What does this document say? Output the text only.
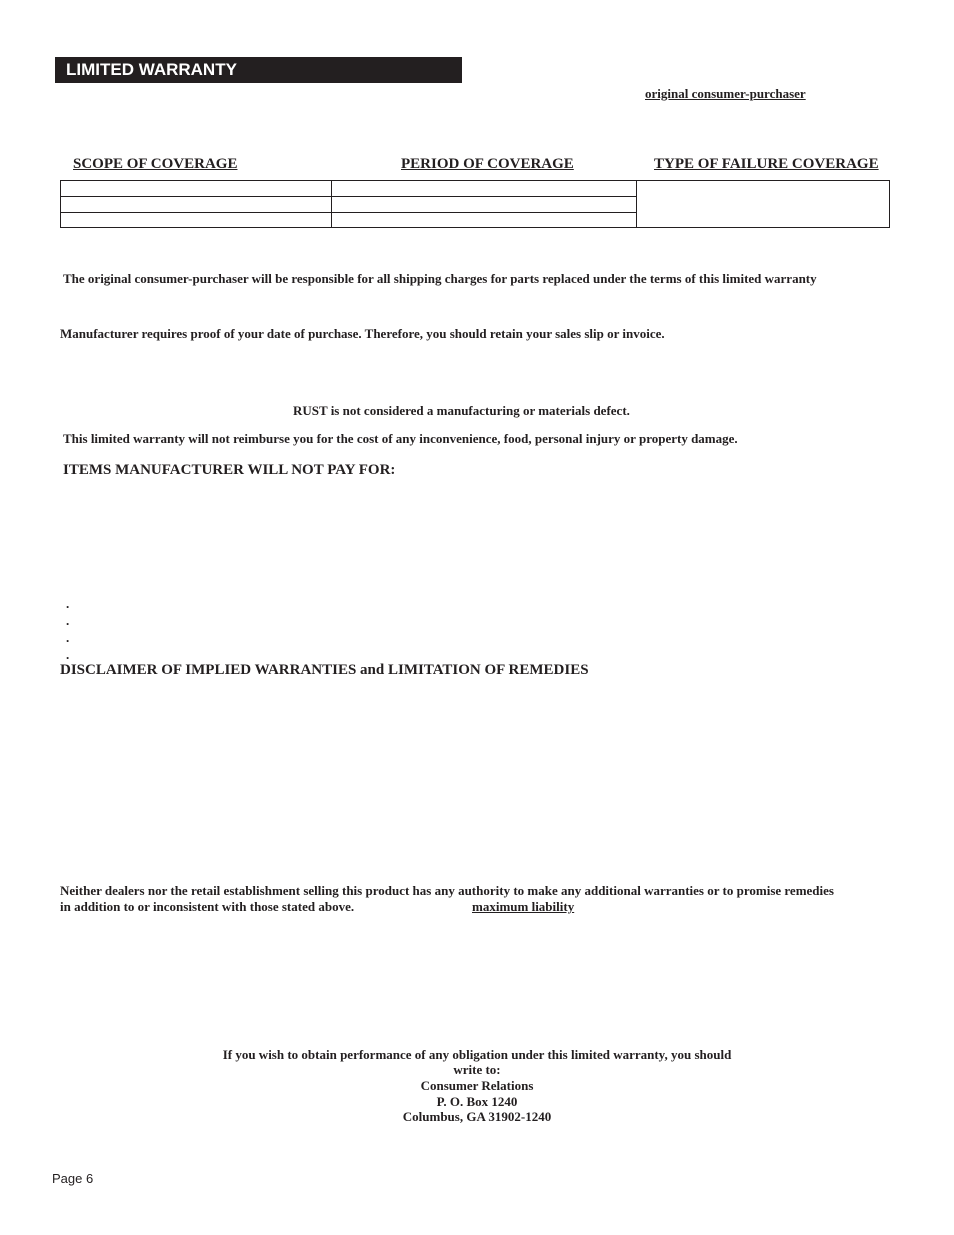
LIMITED WARRANTY
original consumer-purchaser
SCOPE OF COVERAGE	PERIOD OF COVERAGE	TYPE OF FAILURE COVERAGE
The original consumer-purchaser will be responsible for all shipping charges for parts replaced under the terms of this limited warranty
Manufacturer requires proof of your date of purchase. Therefore, you should retain your sales slip or invoice.
RUST is not considered a manufacturing or materials defect.
This limited warranty will not reimburse you for the cost of any inconvenience, food, personal injury or property damage.
ITEMS MANUFACTURER WILL NOT PAY FOR:
.
.
.
.
DISCLAIMER OF IMPLIED WARRANTIES and LIMITATION OF REMEDIES
Neither dealers nor the retail establishment selling this product has any authority to make any additional warranties or to promise remedies
in addition to or inconsistent with those stated above.	maximum liability
If you wish to obtain performance of any obligation under this limited warranty, you should
write to:
Consumer Relations
P. O. Box 1240
Columbus, GA 31902-1240
Page 6
